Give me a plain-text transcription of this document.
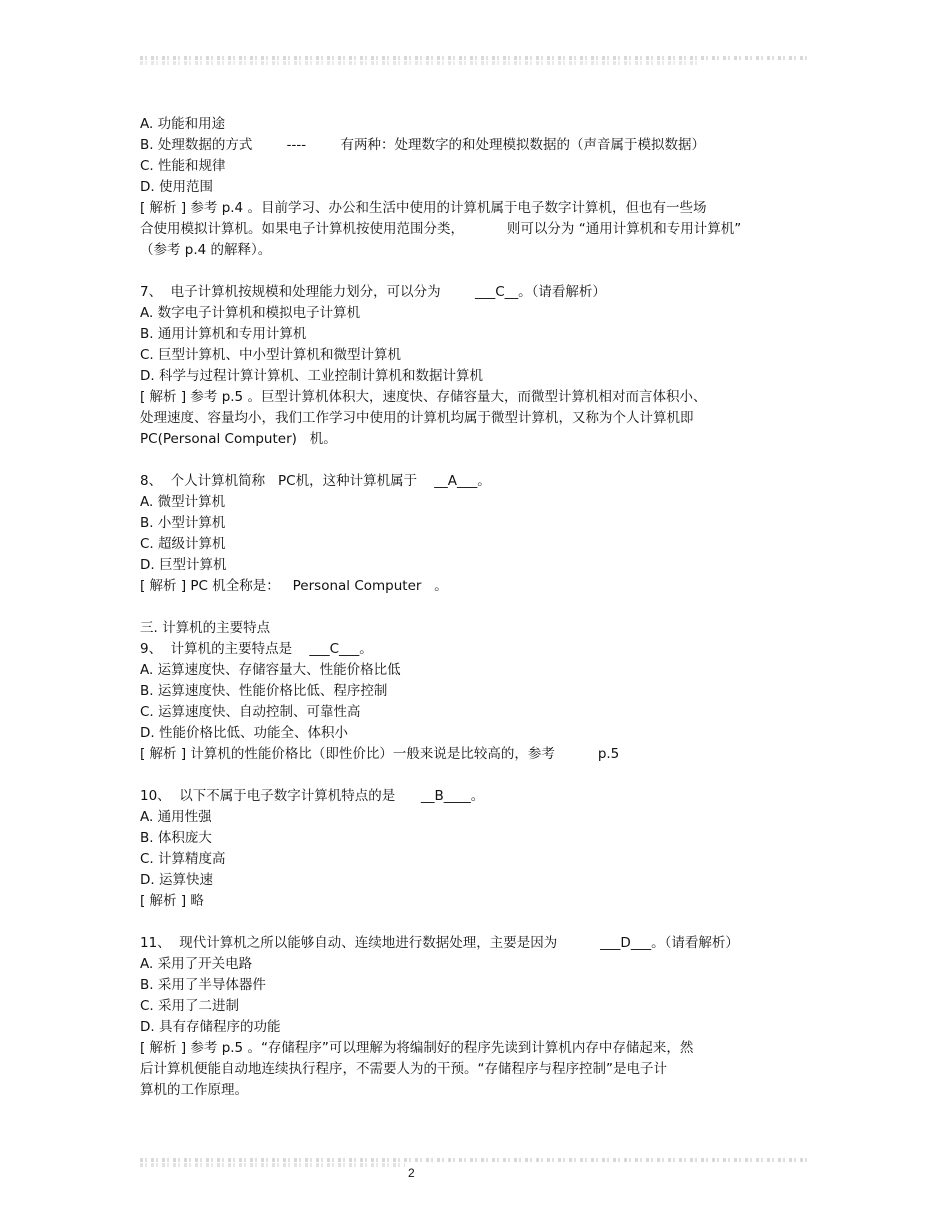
A. 功能和用途
B. 处理数据的方式        ----        有两种：处理数字的和处理模拟数据的（声音属于模拟数据）
C. 性能和规律
D. 使用范围
[ 解析 ] 参考 p.4 。目前学习、办公和生活中使用的计算机属于电子数字计算机，但也有一些场
合使用模拟计算机。如果电子计算机按使用范围分类，          则可以分为 “通用计算机和专用计算机”
（参考 p.4 的解释）。
7、  电子计算机按规模和处理能力划分，可以分为        ___C__。（请看解析）
A. 数字电子计算机和模拟电子计算机
B. 通用计算机和专用计算机
C. 巨型计算机、中小型计算机和微型计算机
D. 科学与过程计算计算机、工业控制计算机和数据计算机
[ 解析 ] 参考 p.5 。巨型计算机体积大，速度快、存储容量大，而微型计算机相对而言体积小、
处理速度、容量均小，我们工作学习中使用的计算机均属于微型计算机，又称为个人计算机即
PC(Personal Computer)   机。
8、  个人计算机简称   PC机，这种计算机属于    __A___。
A. 微型计算机
B. 小型计算机
C. 超级计算机
D. 巨型计算机
[ 解析 ] PC 机全称是：   Personal Computer   。
三. 计算机的主要特点
9、  计算机的主要特点是    ___C___。
A. 运算速度快、存储容量大、性能价格比低
B. 运算速度快、性能价格比低、程序控制
C. 运算速度快、自动控制、可靠性高
D. 性能价格比低、功能全、体积小
[ 解析 ] 计算机的性能价格比（即性价比）一般来说是比较高的，参考          p.5
10、  以下不属于电子数字计算机特点的是      __B____。
A. 通用性强
B. 体积庞大
C. 计算精度高
D. 运算快速
[ 解析 ] 略
11、  现代计算机之所以能够自动、连续地进行数据处理，主要是因为          ___D___。（请看解析）
A. 采用了开关电路
B. 采用了半导体器件
C. 采用了二进制
D. 具有存储程序的功能
[ 解析 ] 参考 p.5 。“存储程序”可以理解为将编制好的程序先读到计算机内存中存储起来，然
后计算机便能自动地连续执行程序，不需要人为的干预。“存储程序与程序控制”是电子计
算机的工作原理。
2
